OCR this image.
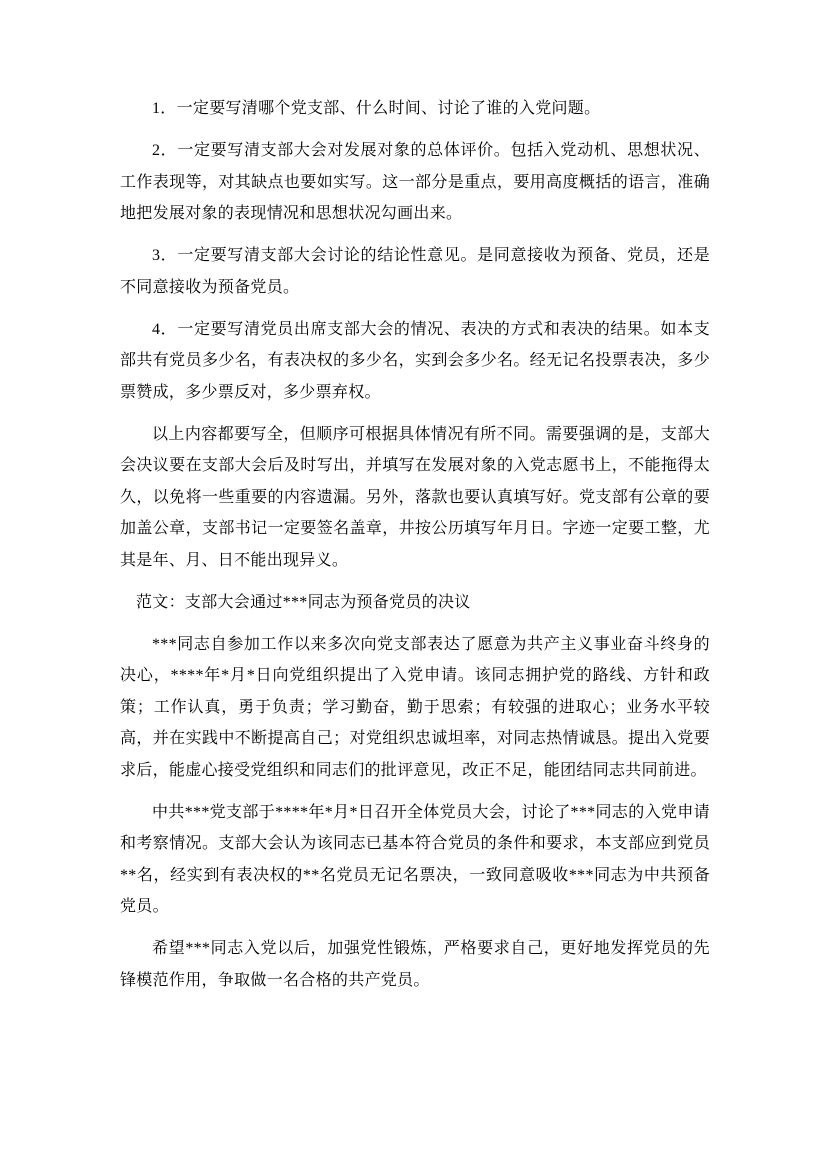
1．一定要写清哪个党支部、什么时间、讨论了谁的入党问题。

2．一定要写清支部大会对发展对象的总体评价。包括入党动机、思想状况、工作表现等，对其缺点也要如实写。这一部分是重点，要用高度概括的语言，准确地把发展对象的表现情况和思想状况勾画出来。

3．一定要写清支部大会讨论的结论性意见。是同意接收为预备、党员，还是不同意接收为预备党员。

4．一定要写清党员出席支部大会的情况、表决的方式和表决的结果。如本支部共有党员多少名，有表决权的多少名，实到会多少名。经无记名投票表决，多少票赞成，多少票反对，多少票弃权。

以上内容都要写全，但顺序可根据具体情况有所不同。需要强调的是，支部大会决议要在支部大会后及时写出，并填写在发展对象的入党志愿书上，不能拖得太久，以免将一些重要的内容遗漏。另外，落款也要认真填写好。党支部有公章的要加盖公章，支部书记一定要签名盖章，井按公历填写年月日。字迹一定要工整，尤其是年、月、日不能出现异义。

范文：支部大会通过***同志为预备党员的决议

***同志自参加工作以来多次向党支部表达了愿意为共产主义事业奋斗终身的决心，****年*月*日向党组织提出了入党申请。该同志拥护党的路线、方针和政策；工作认真，勇于负责；学习勤奋，勤于思索；有较强的进取心；业务水平较高，并在实践中不断提高自己；对党组织忠诚坦率，对同志热情诚恳。提出入党要求后，能虚心接受党组织和同志们的批评意见，改正不足，能团结同志共同前进。

中共***党支部于****年*月*日召开全体党员大会，讨论了***同志的入党申请和考察情况。支部大会认为该同志已基本符合党员的条件和要求，本支部应到党员**名，经实到有表决权的**名党员无记名票决，一致同意吸收***同志为中共预备党员。

希望***同志入党以后，加强党性锻炼，严格要求自己，更好地发挥党员的先锋模范作用，争取做一名合格的共产党员。
